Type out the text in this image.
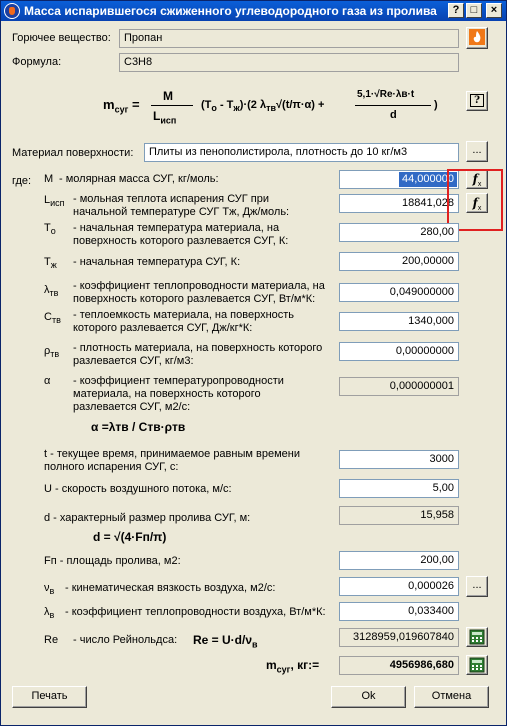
Масса испарившегося сжиженного углеводородного газа из пролива	?	□	×
Горючее вещество:	Пропан
Формула:	C3H8
$m_{суг}$ =
M
$L_{исп}$
$(T_o - T_ж)\cdot(2$ $\lambda_{тв}√(t/\pi\cdot\alpha)$ +
5,1·√Re·λв·t
d
)	?
Материал поверхности:	Плиты из пенополистирола, плотность до 10 кг/м3	...
где: M - молярная масса СУГ, кг/моль:	44,000000	$f_x$
$L_{исп}$ - мольная теплота испарения СУГ при начальной температуре СУГ Тж, Дж/моль:
18841,028	$f_x$
$T_o$ - начальная температура материала, на поверхность которого разлевается СУГ, К:
280,00
$T_ж$ - начальная температура СУГ, К:	200,00000
$\lambda_{тв}$
- коэффициент теплопроводности материала, на поверхность которого разлевается СУГ, Вт/м*К:
0,049000000
$C_{тв}$ - теплоемкость материала, на поверхность которого разлевается СУГ, Дж/кг*К:
1340,000
$\rho_{тв}$
- плотность материала, на поверхность которого разлевается СУГ, кг/м3:
0,00000000
α - коэффициент температуропроводности материала, на поверхность которого разлевается СУГ, м2/с:
0,000000001
α =λтв / Cтв·ρтв
t - текущее время, принимаемое равным времени полного испарения СУГ, с:
3000
U - скорость воздушного потока, м/с:	5,00
d - характерный размер пролива СУГ, м:	15,958
d = √(4·Fп/π)
Fп - площадь пролива, м2:	200,00
$\nu_в$ - кинематическая вязкость воздуха, м2/с:	0,000026	...
$\lambda_в$ - коэффициент теплопроводности воздуха, Вт/м*К:	0,033400
Re - число Рейнольдса: $Re = U\cdot d/\nu_в$
3128959,019607840
$m_{суг}$, кг:=	4956986,680
Печать	Ok	Отмена
